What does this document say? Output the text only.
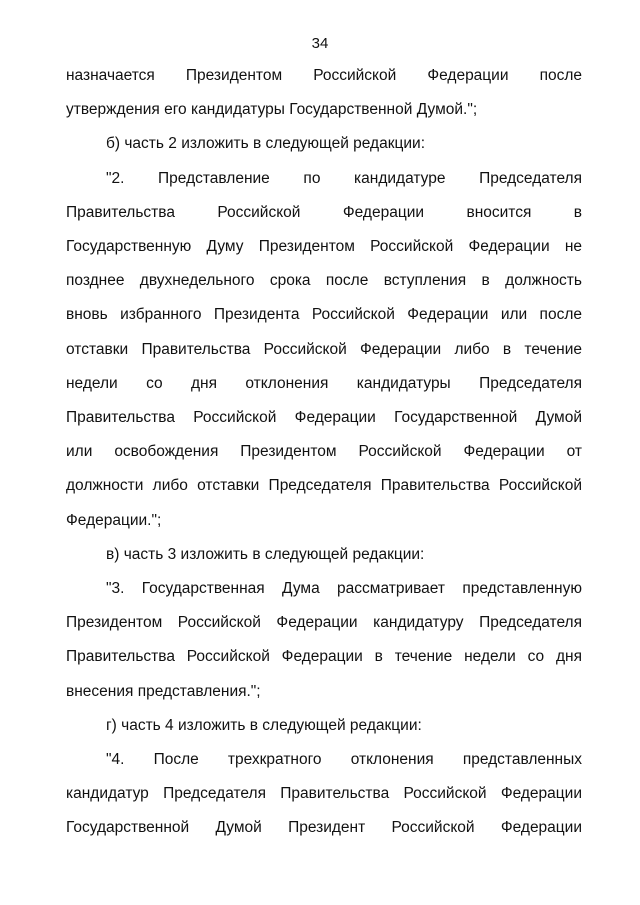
34
назначается Президентом Российской Федерации после
утверждения его кандидатуры Государственной Думой.";
б) часть 2 изложить в следующей редакции:
"2. Представление по кандидатуре Председателя
Правительства Российской Федерации вносится в
Государственную Думу Президентом Российской Федерации не
позднее двухнедельного срока после вступления в должность
вновь избранного Президента Российской Федерации или после
отставки Правительства Российской Федерации либо в течение
недели со дня отклонения кандидатуры Председателя
Правительства Российской Федерации Государственной Думой
или освобождения Президентом Российской Федерации от
должности либо отставки Председателя Правительства Российской
Федерации.";
в) часть 3 изложить в следующей редакции:
"3. Государственная Дума рассматривает представленную
Президентом Российской Федерации кандидатуру Председателя
Правительства Российской Федерации в течение недели со дня
внесения представления.";
г) часть 4 изложить в следующей редакции:
"4. После трехкратного отклонения представленных
кандидатур Председателя Правительства Российской Федерации
Государственной Думой Президент Российской Федерации
